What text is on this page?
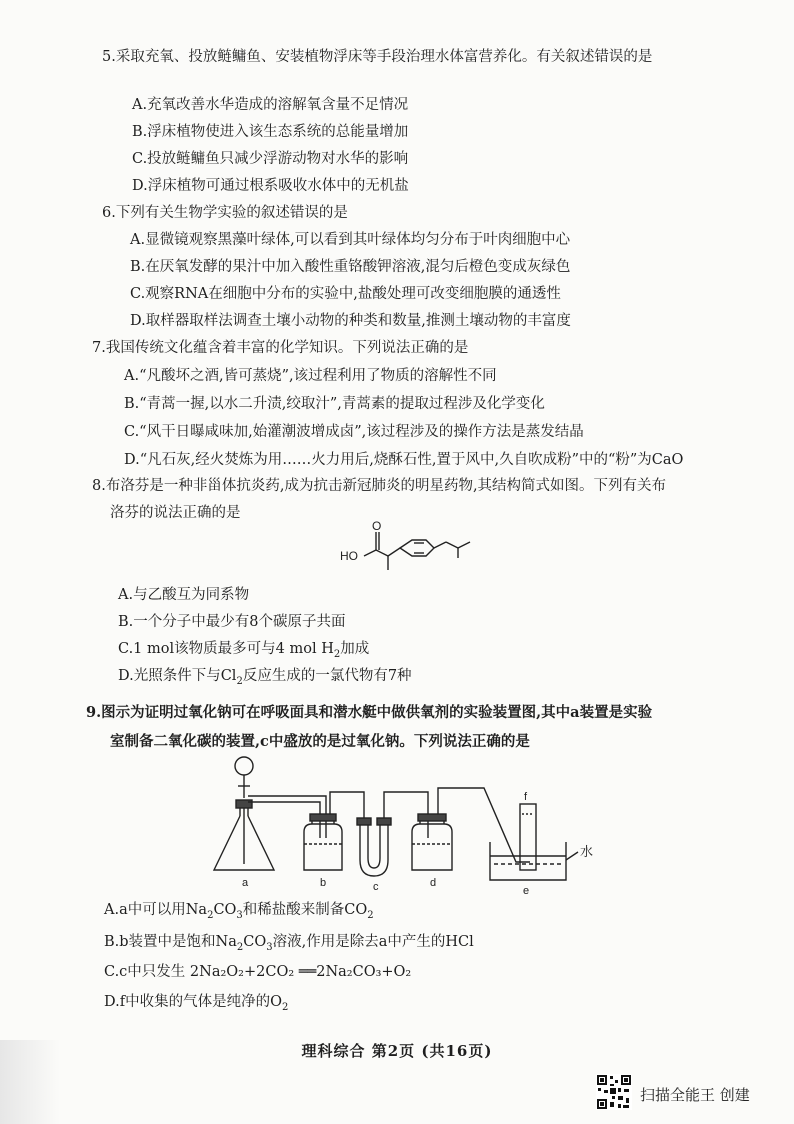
5.采取充氧、投放鲢鳙鱼、安装植物浮床等手段治理水体富营养化。有关叙述错误的是
A.充氧改善水华造成的溶解氧含量不足情况
B.浮床植物使进入该生态系统的总能量增加
C.投放鲢鳙鱼只减少浮游动物对水华的影响
D.浮床植物可通过根系吸收水体中的无机盐
6.下列有关生物学实验的叙述错误的是
A.显微镜观察黑藻叶绿体,可以看到其叶绿体均匀分布于叶肉细胞中心
B.在厌氧发酵的果汁中加入酸性重铬酸钾溶液,混匀后橙色变成灰绿色
C.观察RNA在细胞中分布的实验中,盐酸处理可改变细胞膜的通透性
D.取样器取样法调查土壤小动物的种类和数量,推测土壤动物的丰富度
7.我国传统文化蕴含着丰富的化学知识。下列说法正确的是
A.“凡酸坏之酒,皆可蒸烧”,该过程利用了物质的溶解性不同
B.“青蒿一握,以水二升渍,绞取汁”,青蒿素的提取过程涉及化学变化
C.“风干日曝咸味加,始灌潮波增成卤”,该过程涉及的操作方法是蒸发结晶
D.“凡石灰,经火焚炼为用……火力用后,烧酥石性,置于风中,久自吹成粉”中的“粉”为CaO
8.布洛芬是一种非甾体抗炎药,成为抗击新冠肺炎的明星药物,其结构简式如图。下列有关布
洛芬的说法正确的是
HO
O
A.与乙酸互为同系物
B.一个分子中最少有8个碳原子共面
C.1 mol该物质最多可与4 mol $H_2$加成
D.光照条件下与$Cl_2$反应生成的一氯代物有7种
9.图示为证明过氧化钠可在呼吸面具和潜水艇中做供氧剂的实验装置图,其中a装置是实验
室制备二氧化碳的装置,c中盛放的是过氧化钠。下列说法正确的是
a	b	c	d
e
f
水
A.a中可以用$Na_2CO_3$和稀盐酸来制备$CO_2$
B.b装置中是饱和$Na_2CO_3$溶液,作用是除去a中产生的HCl
C.c中只发生 2Na₂O₂+2CO₂ ══2Na₂CO₃+O₂
D.f中收集的气体是纯净的$O_2$
理科综合 第2页 (共16页)
扫描全能王 创建
